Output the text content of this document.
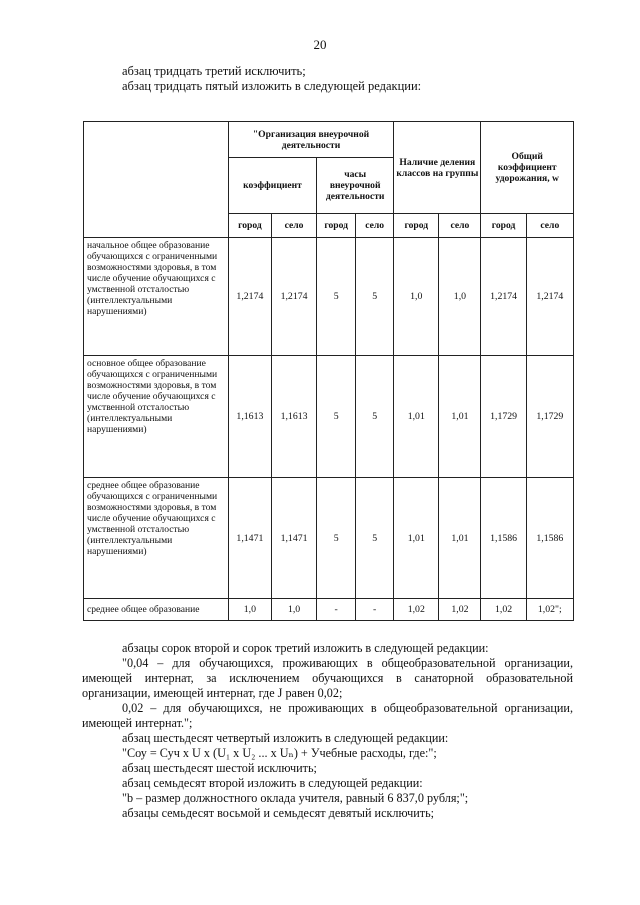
20
абзац тридцать третий исключить;
абзац тридцать пятый изложить в следующей редакции:
	"Организация внеурочной деятельности				Наличие деления классов на группы		Общий коэффициент удорожания, w	
	коэффициент		часы внеурочной деятельности					
	город	село	город	село	город	село	город	село
начальное общее образование обучающихся с ограниченными возможностями здоровья, в том числе обучение обучающихся с умственной отсталостью (интеллектуальными нарушениями)	1,2174	1,2174	5	5	1,0	1,0	1,2174	1,2174
основное общее образование обучающихся с ограниченными возможностями здоровья, в том числе обучение обучающихся с умственной отсталостью (интеллектуальными нарушениями)	1,1613	1,1613	5	5	1,01	1,01	1,1729	1,1729
среднее общее образование обучающихся с ограниченными возможностями здоровья, в том числе обучение обучающихся с умственной отсталостью (интеллектуальными нарушениями)	1,1471	1,1471	5	5	1,01	1,01	1,1586	1,1586
среднее общее образование	1,0	1,0	-	-	1,02	1,02	1,02	1,02";
абзацы сорок второй и сорок третий изложить в следующей редакции:
"0,04 – для обучающихся, проживающих в общеобразовательной организации, имеющей интернат, за исключением обучающихся в санаторной образовательной организации, имеющей интернат, где J равен 0,02;
0,02 – для обучающихся, не проживающих в общеобразовательной организации, имеющей интернат.";
абзац шестьдесят четвертый изложить в следующей редакции:
"Соу = Суч x U x (U₁ x U₂ ... x Uₙ) + Учебные расходы, где:";
абзац шестьдесят шестой исключить;
абзац семьдесят второй изложить в следующей редакции:
"b – размер должностного оклада учителя, равный 6 837,0 рубля;";
абзацы семьдесят восьмой и семьдесят девятый исключить;
